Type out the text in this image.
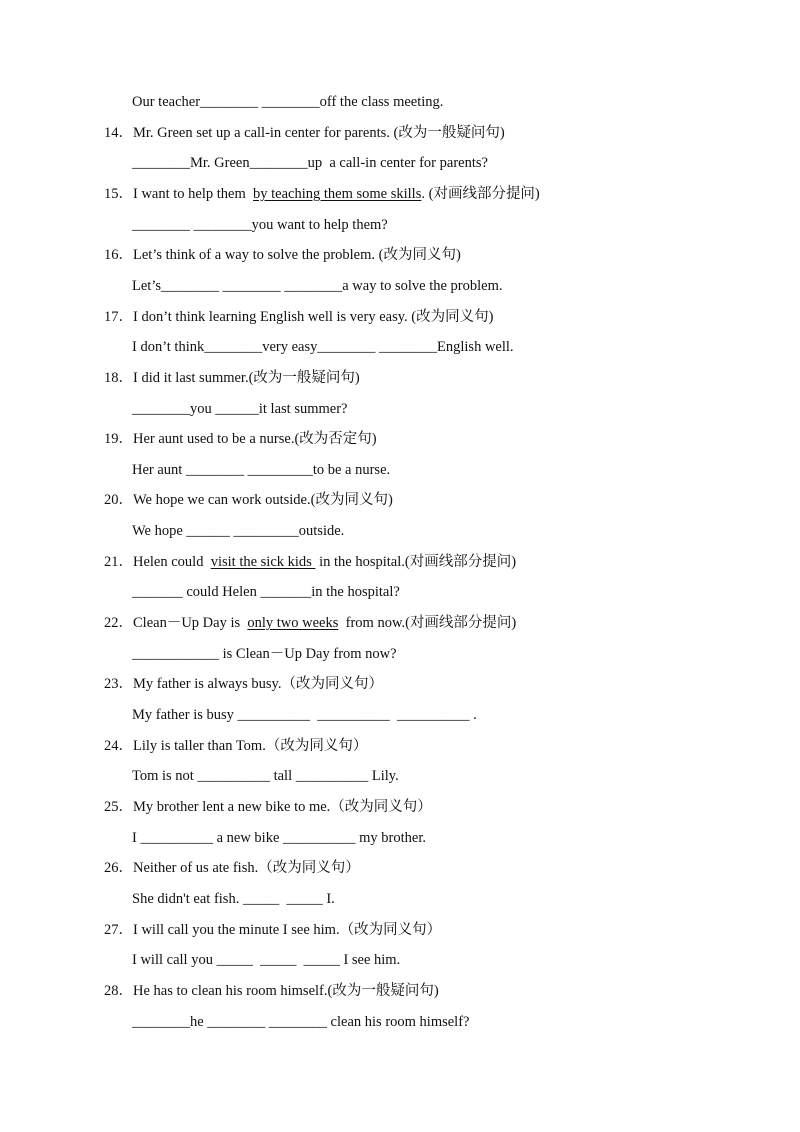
Our teacher________ ________off the class meeting.
14．Mr. Green set up a call-in center for parents. (改为一般疑问句)
________Mr. Green________up  a call-in center for parents?
15．I want to help them  by teaching them some skills. (对画线部分提问)
________ ________you want to help them?
16．Let’s think of a way to solve the problem. (改为同义句)
Let’s________ ________ ________a way to solve the problem.
17．I don’t think learning English well is very easy. (改为同义句)
I don’t think________very easy________ ________English well.
18．I did it last summer.(改为一般疑问句)
________you ______it last summer?
19．Her aunt used to be a nurse.(改为否定句)
Her aunt ________ _________to be a nurse.
20．We hope we can work outside.(改为同义句)
We hope ______ _________outside.
21．Helen could  visit the sick kids  in the hospital.(对画线部分提问)
_______ could Helen _______in the hospital?
22．Clean－Up Day is  only two weeks  from now.(对画线部分提问)
____________ is Clean－Up Day from now?
23．My father is always busy.（改为同义句）
My father is busy __________  __________  __________ .
24．Lily is taller than Tom.（改为同义句）
Tom is not __________ tall __________ Lily.
25．My brother lent a new bike to me.（改为同义句）
I __________ a new bike __________ my brother.
26．Neither of us ate fish.（改为同义句）
She didn't eat fish. _____  _____ I.
27．I will call you the minute I see him.（改为同义句）
I will call you _____  _____  _____ I see him.
28．He has to clean his room himself.(改为一般疑问句)
________he ________ ________ clean his room himself?
